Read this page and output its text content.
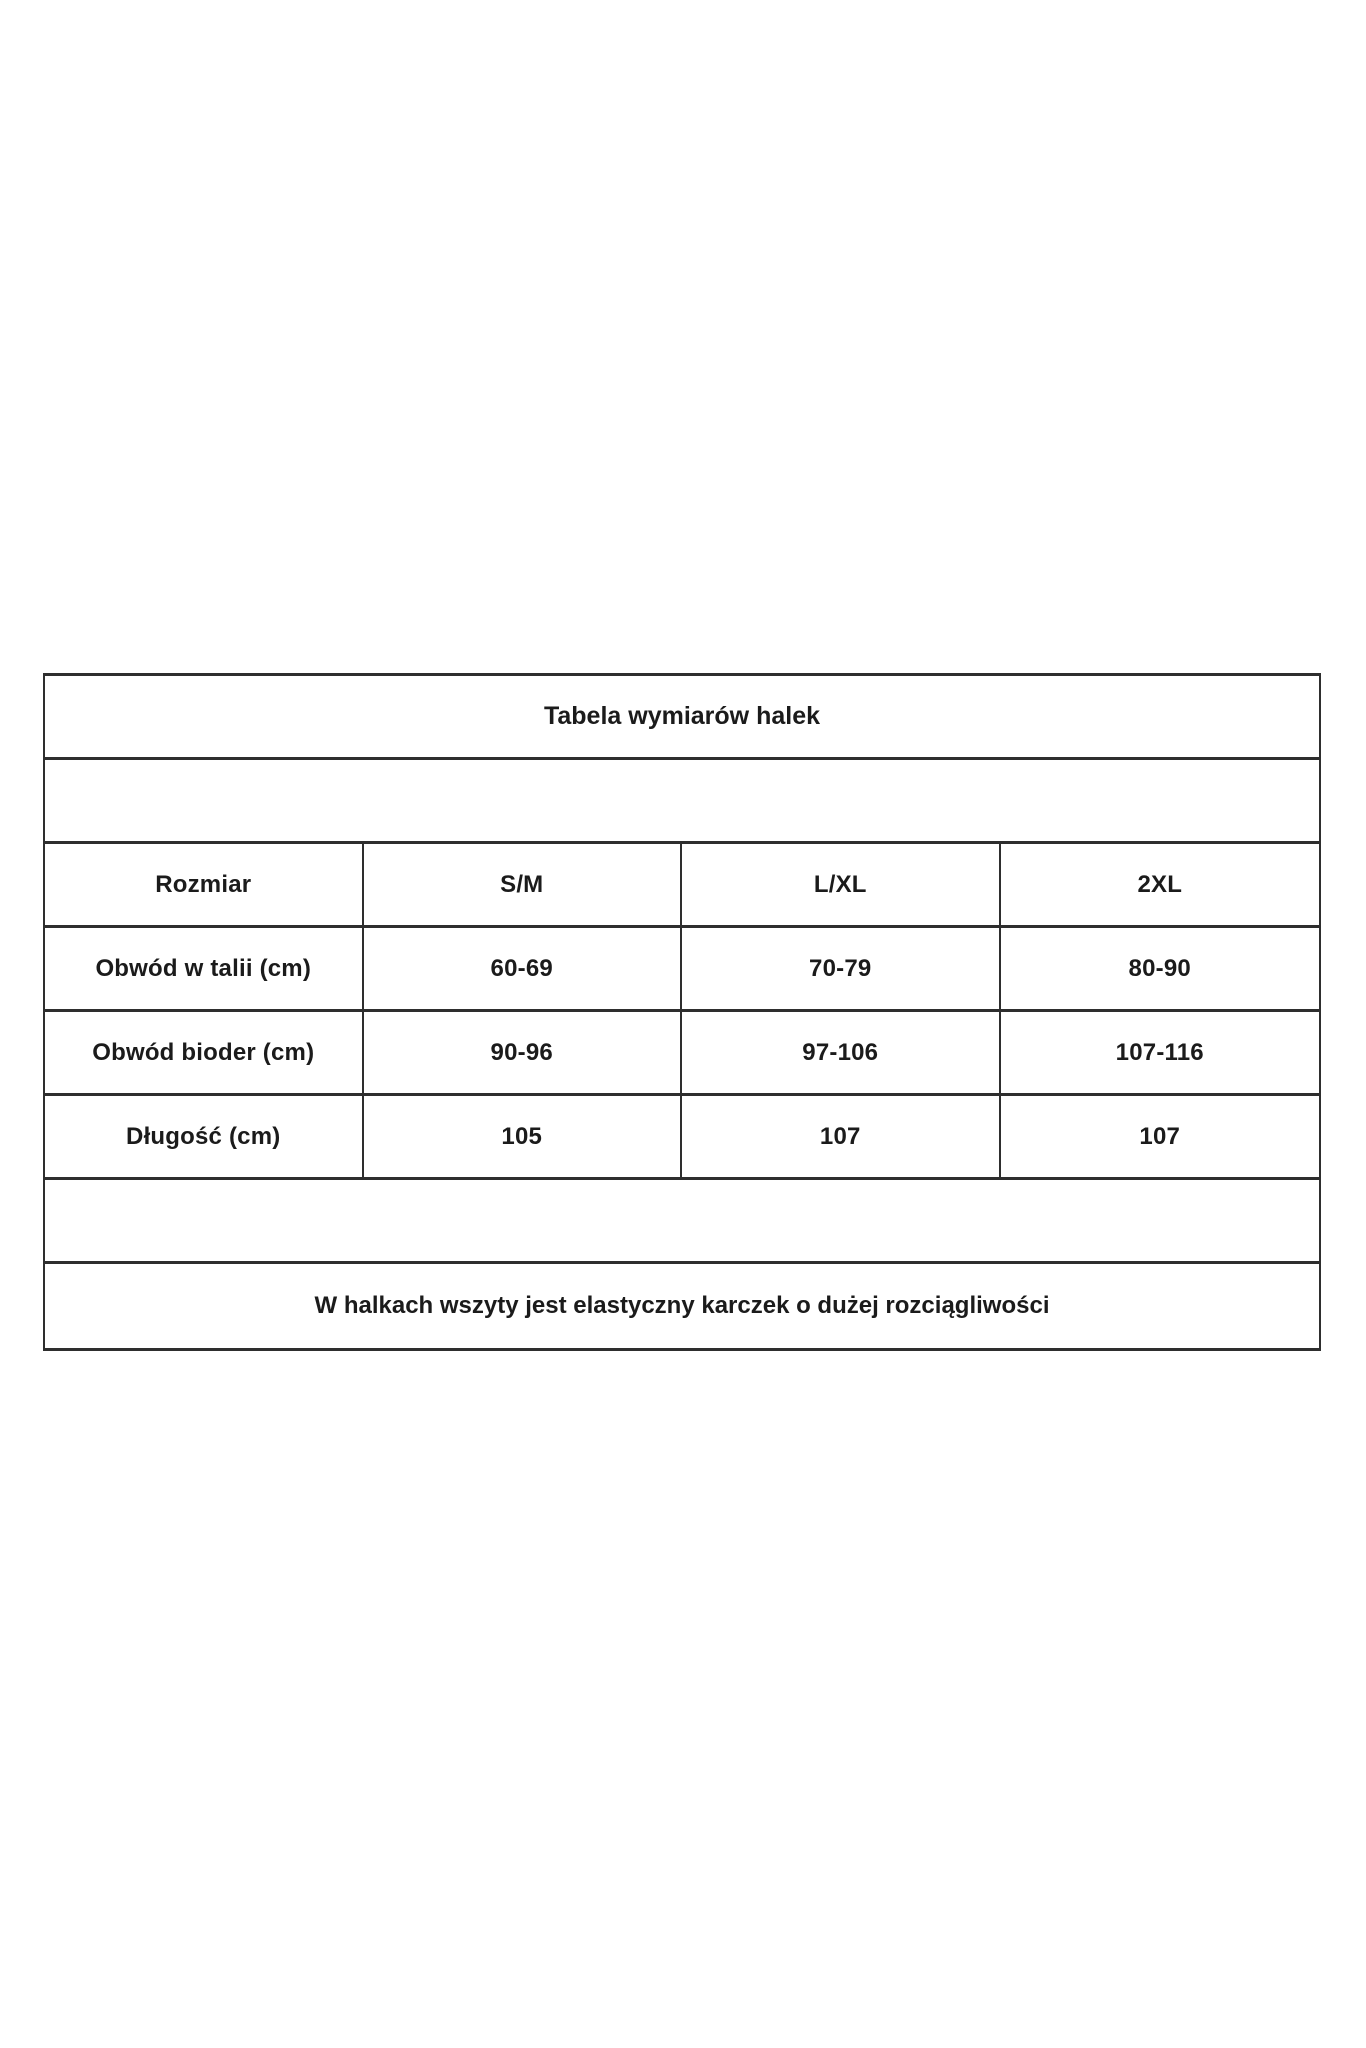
Tabela wymiarów halek
Rozmiar	S/M	L/XL	2XL
Obwód w talii (cm)	60-69	70-79	80-90
Obwód bioder (cm)	90-96	97-106	107-116
Długość (cm)	105	107	107
W halkach wszyty jest elastyczny karczek o dużej rozciągliwości
